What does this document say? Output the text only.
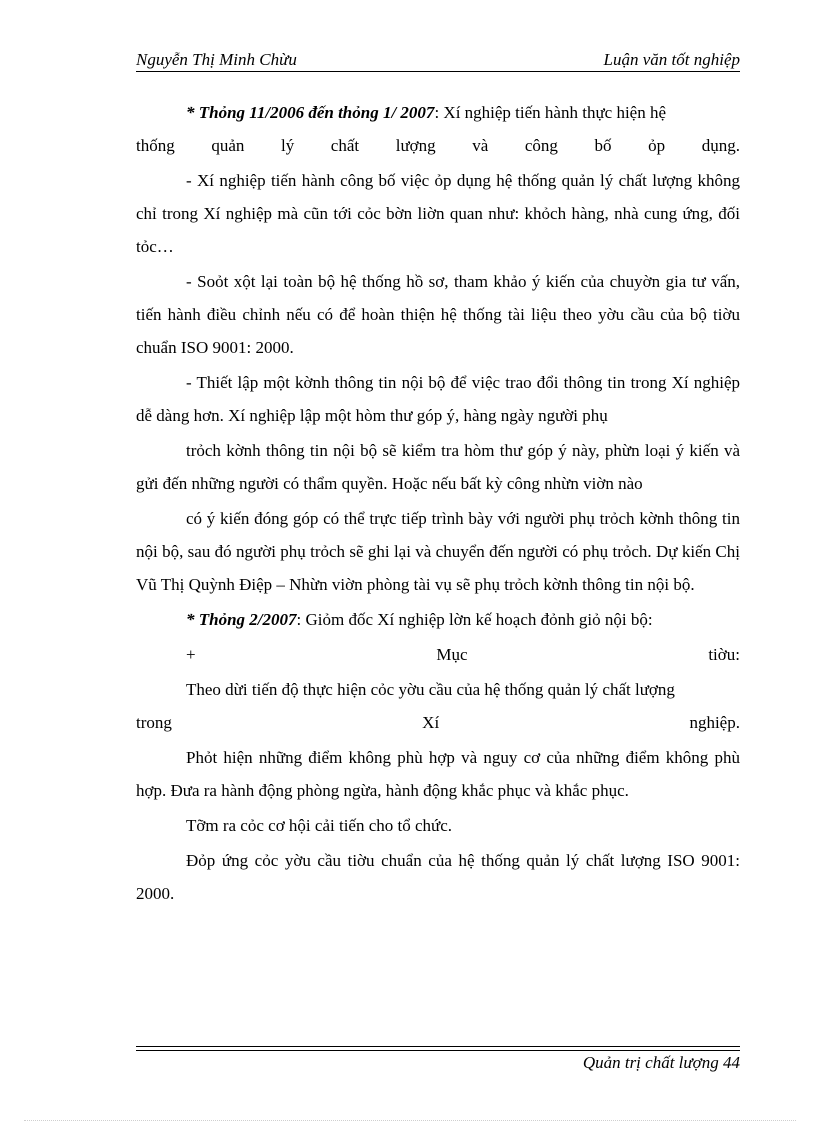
Nguyễn Thị Minh Chừu	Luận văn tốt nghiệp

* Thỏng 11/2006 đến thỏng 1/ 2007: Xí nghiệp tiến hành thực hiện hệ

thống quản lý chất lượng và công bố ỏp dụng.

- Xí nghiệp tiến hành công bố việc ỏp dụng hệ thống quản lý chất lượng không chỉ trong Xí nghiệp mà cũn tới cỏc bờn liờn quan như: khỏch hàng, nhà cung ứng, đối tỏc…

- Soỏt xột lại toàn bộ hệ thống hồ sơ, tham khảo ý kiến của chuyờn gia tư vấn, tiến hành điều chỉnh nếu có để hoàn thiện hệ thống tài liệu theo yờu cầu của bộ tiờu chuẩn ISO 9001: 2000.

- Thiết lập một kờnh thông tin nội bộ để việc trao đổi thông tin trong Xí nghiệp dễ dàng hơn. Xí nghiệp lập một hòm thư góp ý, hàng ngày người phụ

trỏch kờnh thông tin nội bộ sẽ kiểm tra hòm thư góp ý này, phừn loại ý kiến và gửi đến những người có thẩm quyền. Hoặc nếu bất kỳ công nhừn viờn nào

có ý kiến đóng góp có thể trực tiếp trình bày với người phụ trỏch kờnh thông tin nội bộ, sau đó người phụ trỏch sẽ ghi lại và chuyển đến người có phụ trỏch. Dự kiến Chị Vũ Thị Quỳnh Điệp – Nhừn viờn phòng tài vụ sẽ phụ trỏch kờnh thông tin nội bộ.

* Thỏng 2/2007: Giỏm đốc Xí nghiệp lờn kế hoạch đỏnh giỏ nội bộ:

+	Mục	tiờu:

Theo dừi tiến độ thực hiện cỏc yờu cầu của hệ thống quản lý chất lượng

trong	Xí	nghiệp.

Phỏt hiện những điểm không phù hợp và nguy cơ của những điểm không phù hợp. Đưa ra hành động phòng ngừa, hành động khắc phục và khắc phục.

Tỡm ra cỏc cơ hội cải tiến cho tổ chức.

Đỏp ứng cỏc yờu cầu tiờu chuẩn của hệ thống quản lý chất lượng ISO 9001: 2000.

Quản trị chất lượng 44
